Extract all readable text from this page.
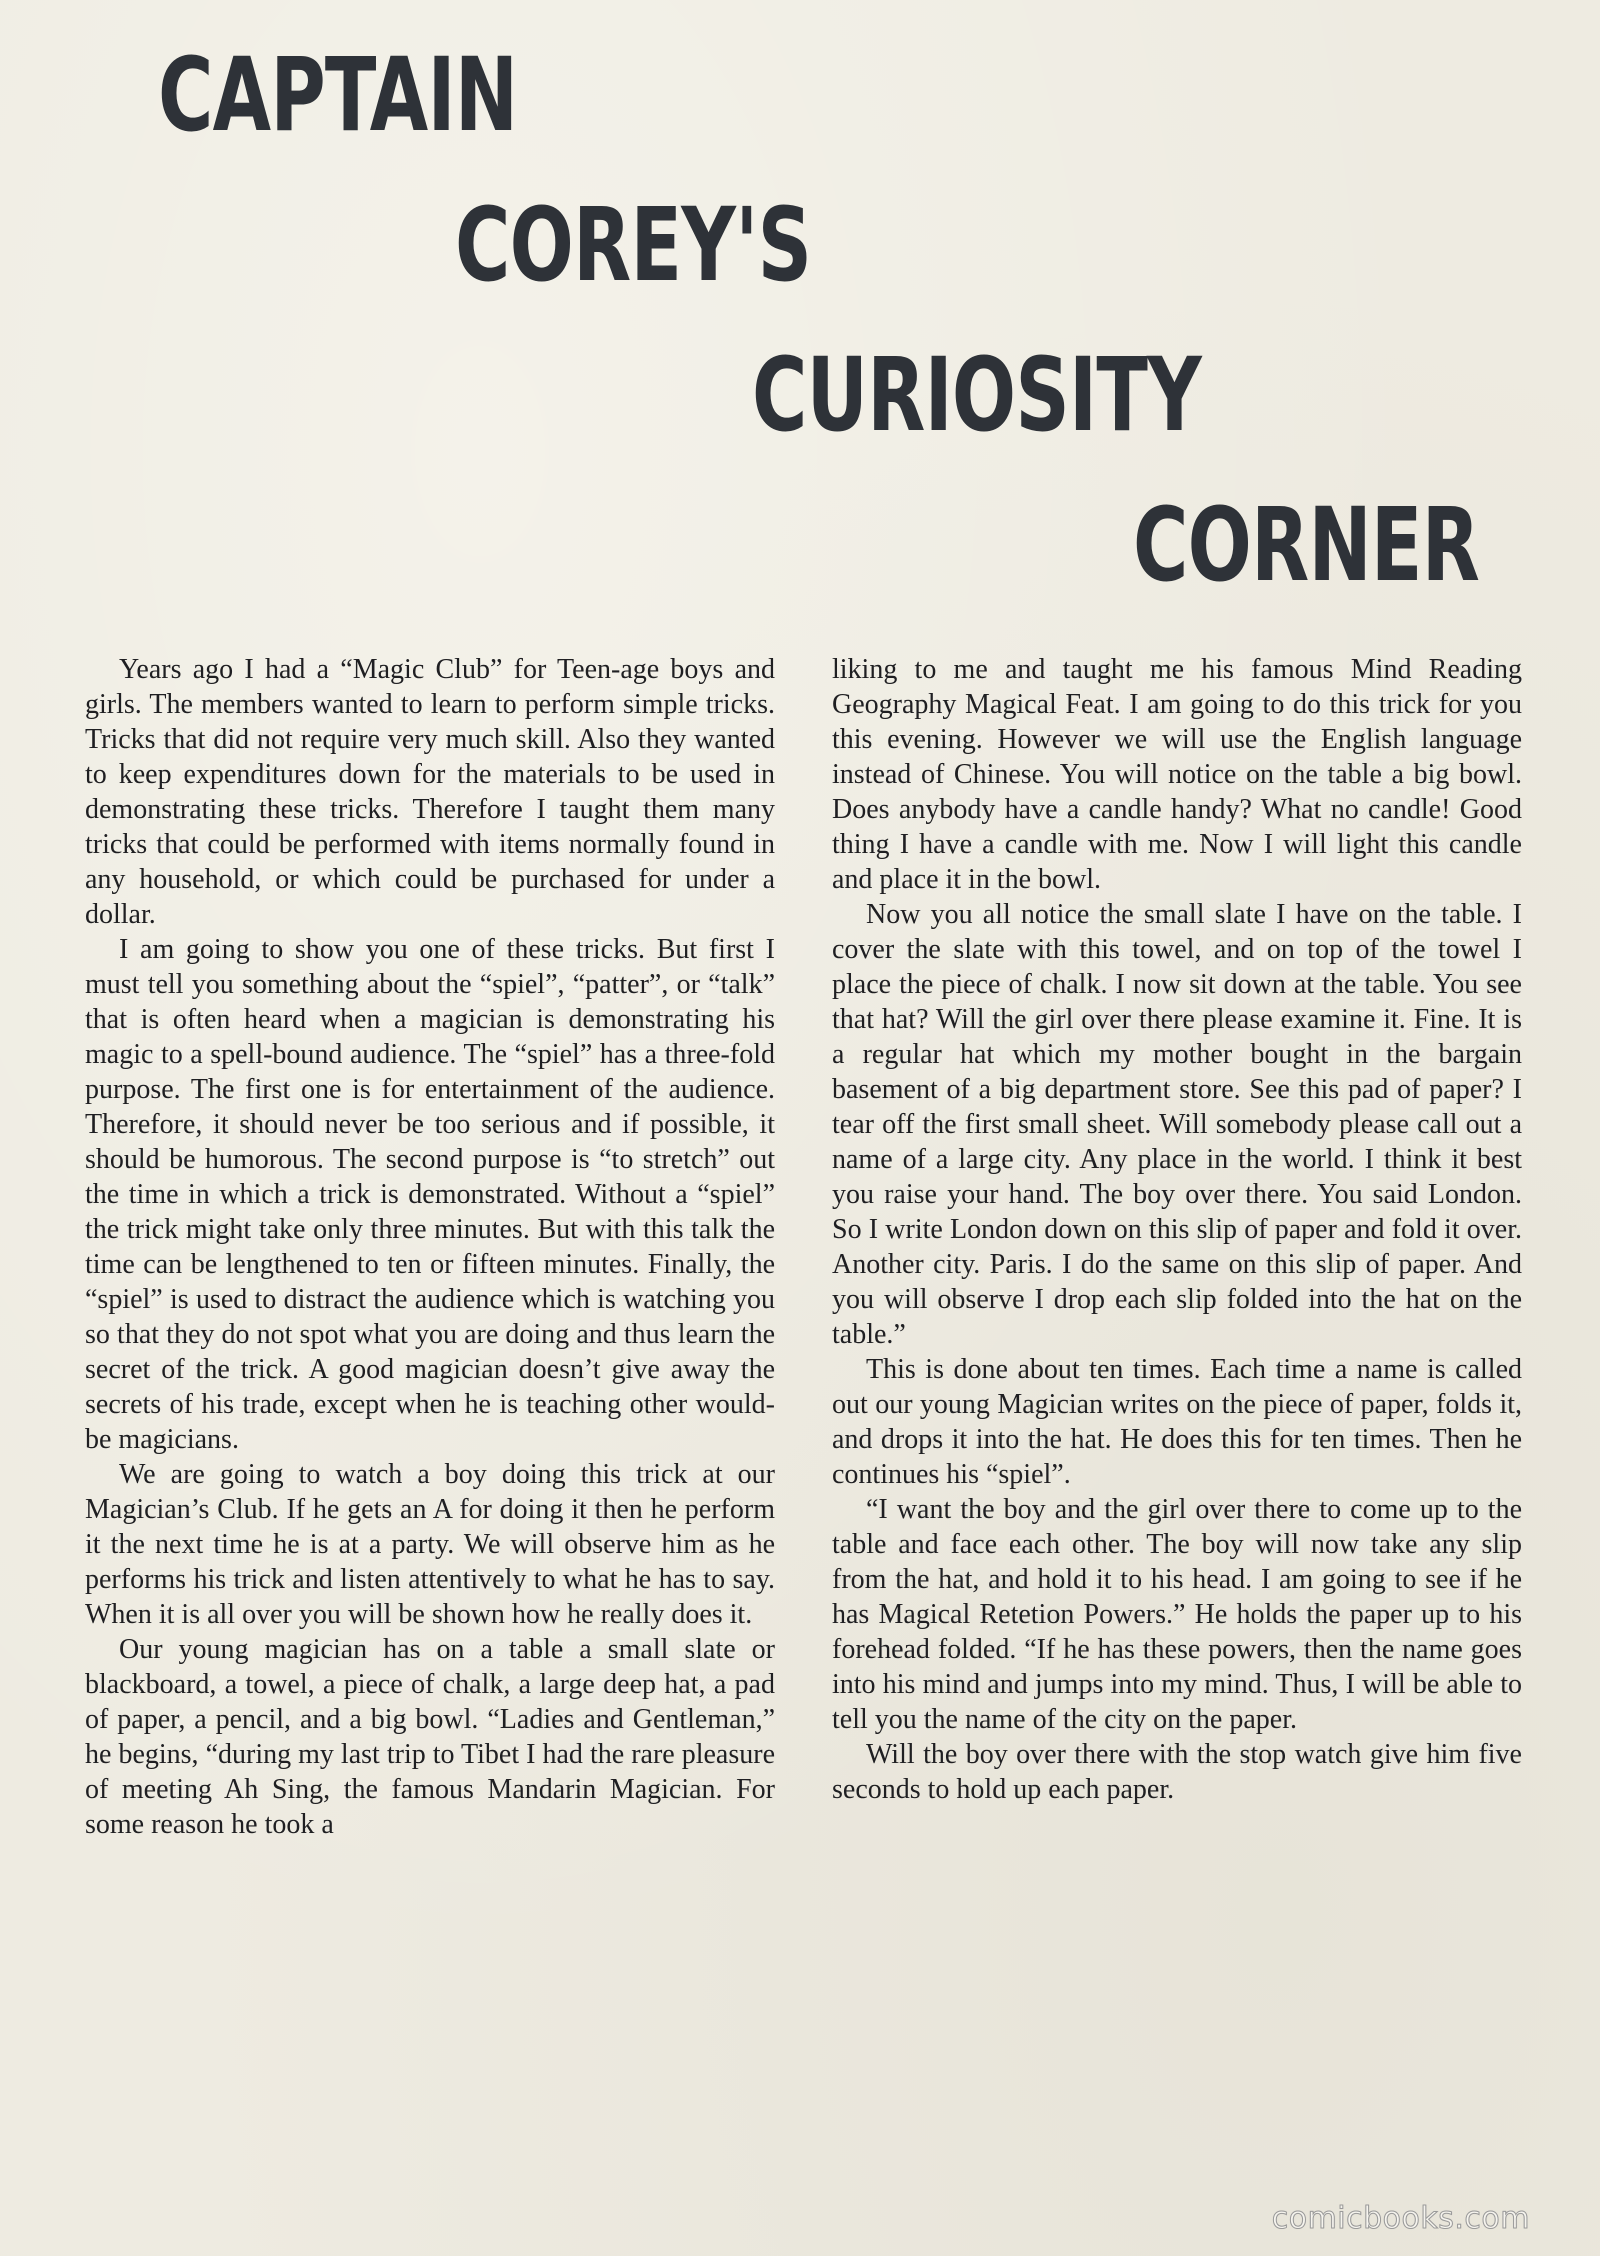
CAPTAIN
COREY'S
CURIOSITY
CORNER

Years ago I had a “Magic Club” for Teen-age boys and girls. The members wanted to learn to perform simple tricks. Tricks that did not require very much skill. Also they wanted to keep expenditures down for the materials to be used in demonstrating these tricks. Therefore I taught them many tricks that could be performed with items normally found in any household, or which could be purchased for under a dollar.

I am going to show you one of these tricks. But first I must tell you something about the “spiel”, “patter”, or “talk” that is often heard when a magician is demonstrating his magic to a spell-bound audience. The “spiel” has a three-fold purpose. The first one is for entertainment of the audience. Therefore, it should never be too serious and if possible, it should be humorous. The second purpose is “to stretch” out the time in which a trick is demonstrated. Without a “spiel” the trick might take only three minutes. But with this talk the time can be lengthened to ten or fifteen minutes. Finally, the “spiel” is used to distract the audience which is watching you so that they do not spot what you are doing and thus learn the secret of the trick. A good magician doesn’t give away the secrets of his trade, except when he is teaching other would-be magicians.

We are going to watch a boy doing this trick at our Magician’s Club. If he gets an A for doing it then he perform it the next time he is at a party. We will observe him as he performs his trick and listen attentively to what he has to say. When it is all over you will be shown how he really does it.

Our young magician has on a table a small slate or blackboard, a towel, a piece of chalk, a large deep hat, a pad of paper, a pencil, and a big bowl. “Ladies and Gentleman,” he begins, “during my last trip to Tibet I had the rare pleasure of meeting Ah Sing, the famous Mandarin Magician. For some reason he took a

liking to me and taught me his famous Mind Reading Geography Magical Feat. I am going to do this trick for you this evening. However we will use the English language instead of Chinese. You will notice on the table a big bowl. Does anybody have a candle handy? What no candle! Good thing I have a candle with me. Now I will light this candle and place it in the bowl.

Now you all notice the small slate I have on the table. I cover the slate with this towel, and on top of the towel I place the piece of chalk. I now sit down at the table. You see that hat? Will the girl over there please examine it. Fine. It is a regular hat which my mother bought in the bargain basement of a big department store. See this pad of paper? I tear off the first small sheet. Will somebody please call out a name of a large city. Any place in the world. I think it best you raise your hand. The boy over there. You said London. So I write London down on this slip of paper and fold it over. Another city. Paris. I do the same on this slip of paper. And you will observe I drop each slip folded into the hat on the table.”

This is done about ten times. Each time a name is called out our young Magician writes on the piece of paper, folds it, and drops it into the hat. He does this for ten times. Then he continues his “spiel”.

“I want the boy and the girl over there to come up to the table and face each other. The boy will now take any slip from the hat, and hold it to his head. I am going to see if he has Magical Retetion Powers.” He holds the paper up to his forehead folded. “If he has these powers, then the name goes into his mind and jumps into my mind. Thus, I will be able to tell you the name of the city on the paper.

Will the boy over there with the stop watch give him five seconds to hold up each paper.

comicbooks.com
